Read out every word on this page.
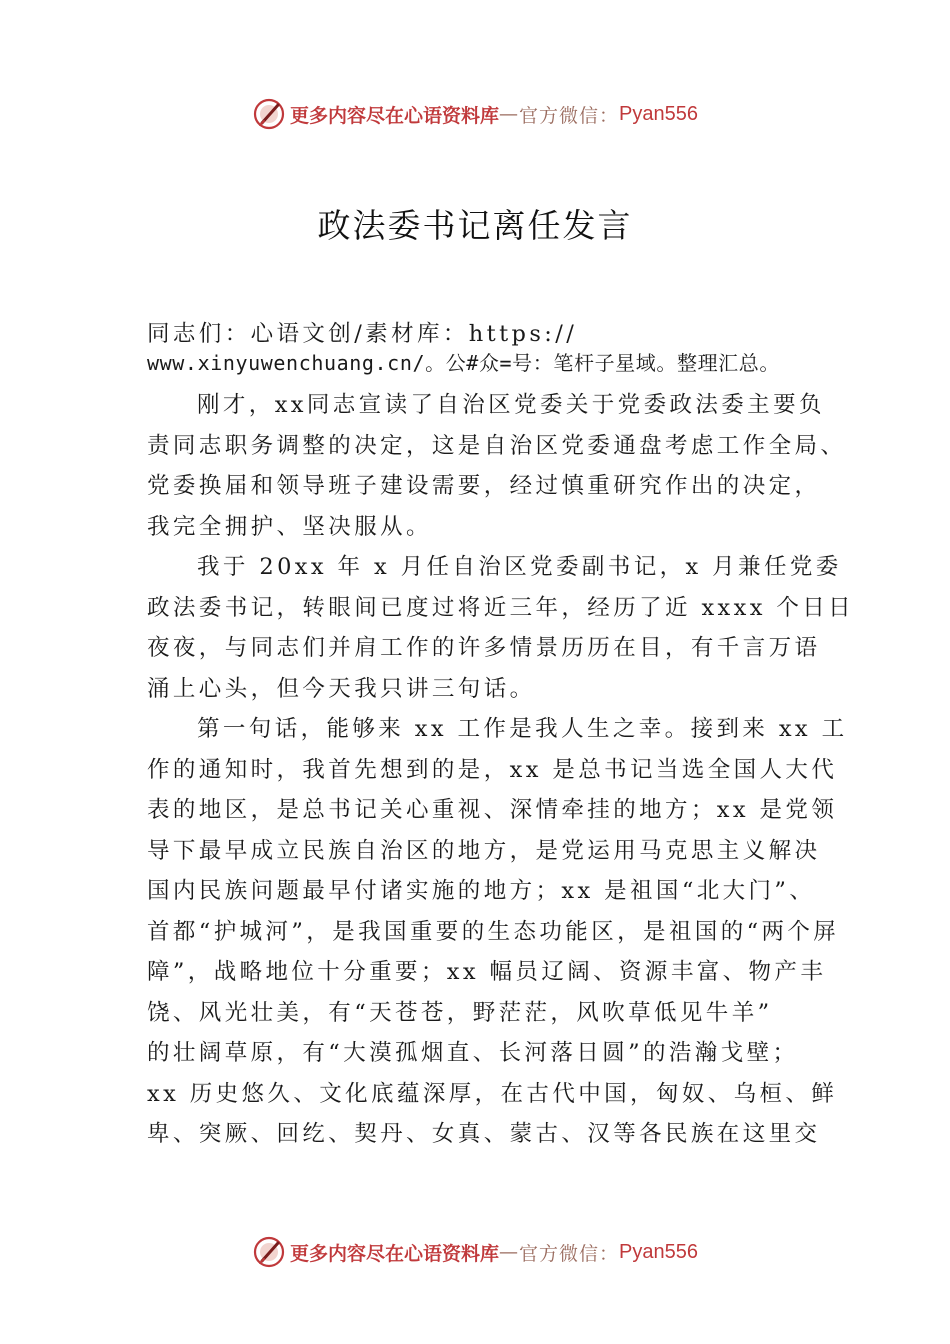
更多内容尽在心语资料库 — 官方微信： Pyan556
政法委书记离任发言
同志们：心语文创/素材库：https://
www.xinyuwenchuang.cn/。公#众=号：笔杆子星域。整理汇总。
刚才，xx同志宣读了自治区党委关于党委政法委主要负
责同志职务调整的决定，这是自治区党委通盘考虑工作全局、
党委换届和领导班子建设需要，经过慎重研究作出的决定，
我完全拥护、坚决服从。
我于 20xx 年 x 月任自治区党委副书记，x 月兼任党委
政法委书记，转眼间已度过将近三年，经历了近 xxxx 个日日
夜夜，与同志们并肩工作的许多情景历历在目，有千言万语
涌上心头，但今天我只讲三句话。
第一句话，能够来 xx 工作是我人生之幸。接到来 xx 工
作的通知时，我首先想到的是，xx 是总书记当选全国人大代
表的地区，是总书记关心重视、深情牵挂的地方；xx 是党领
导下最早成立民族自治区的地方，是党运用马克思主义解决
国内民族问题最早付诸实施的地方；xx 是祖国“北大门”、
首都“护城河”，是我国重要的生态功能区，是祖国的“两个屏
障”，战略地位十分重要；xx 幅员辽阔、资源丰富、物产丰
饶、风光壮美，有“天苍苍，野茫茫，风吹草低见牛羊”
的壮阔草原，有“大漠孤烟直、长河落日圆”的浩瀚戈壁；
xx 历史悠久、文化底蕴深厚，在古代中国，匈奴、乌桓、鲜
卑、突厥、回纥、契丹、女真、蒙古、汉等各民族在这里交
更多内容尽在心语资料库 — 官方微信： Pyan556
